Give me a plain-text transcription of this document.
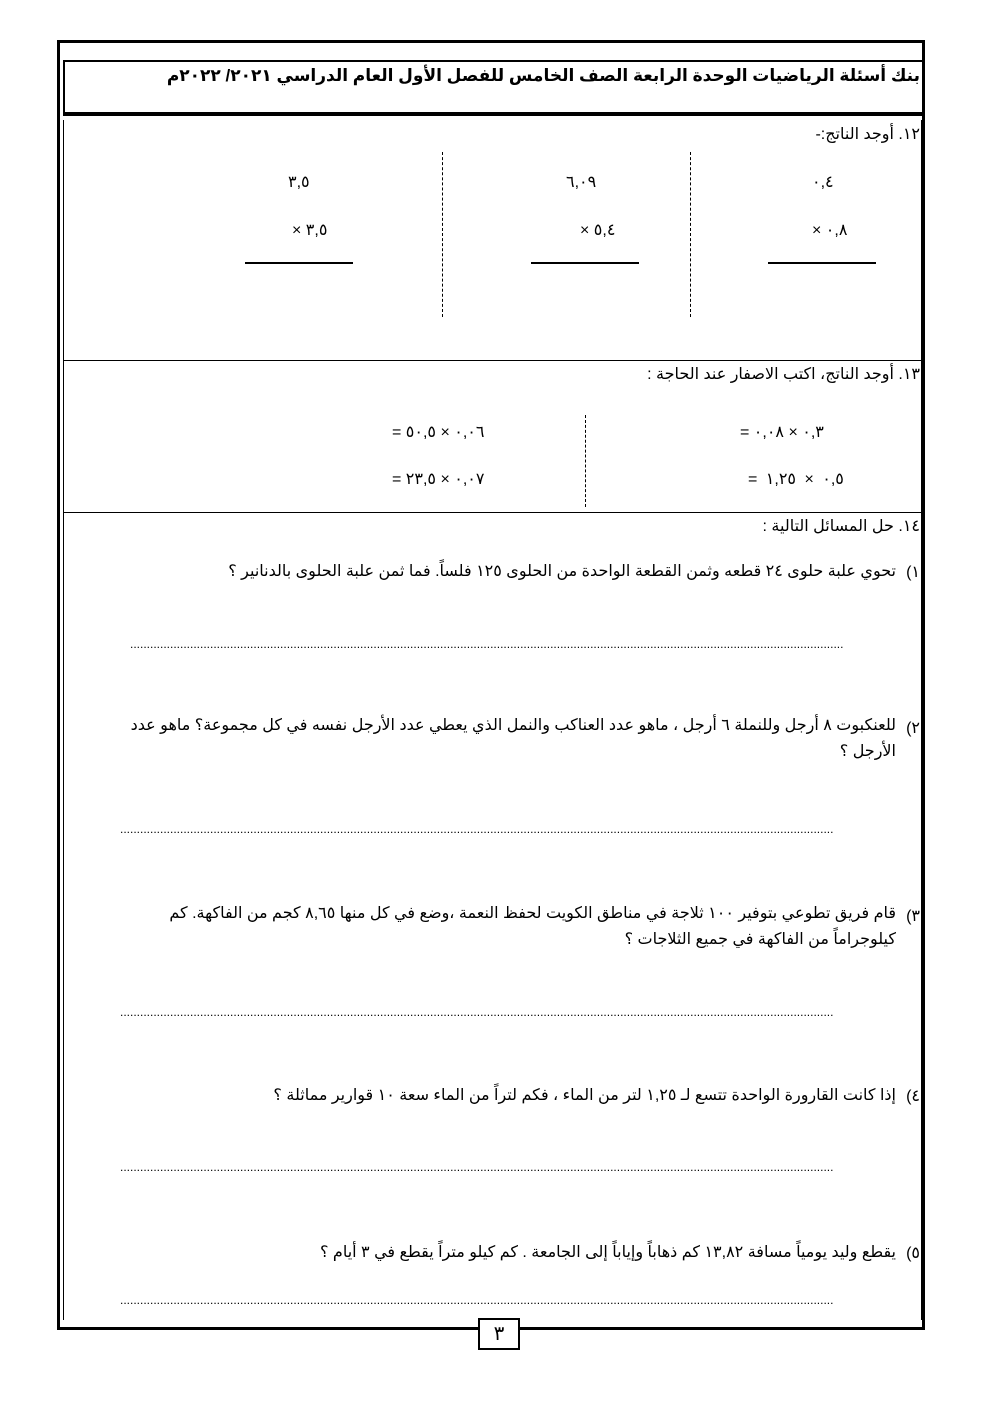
بنك أسئلة الرياضيات الوحدة الرابعة الصف الخامس للفصل الأول العام الدراسي ٢٠٢١/ ٢٠٢٢م
١٢. أوجد الناتج:-
٠,٤
× ٠,٨
٦,٠٩
× ٥,٤
٣,٥
× ٣,٥
١٣. أوجد الناتج، اكتب الاصفار عند الحاجة :
= ٠,٣ × ٠,٠٨
= ٠,٥ × ١,٢٥
= ٠,٠٦ × ٥٠,٥
= ٠,٠٧ × ٢٣,٥
١٤. حل المسائل التالية :
١)
تحوي علبة حلوى ٢٤ قطعه وثمن القطعة الواحدة من الحلوى ١٢٥ فلساً. فما ثمن علبة الحلوى بالدنانير ؟
......................................................................................................................................................................................................................
٢)
للعنكبوت ٨ أرجل وللنملة ٦ أرجل ، ماهو عدد العناكب والنمل الذي يعطي عدد الأرجل نفسه في كل مجموعة؟ ماهو عدد الأرجل ؟
......................................................................................................................................................................................................................
٣)
قام فريق تطوعي بتوفير ١٠٠ ثلاجة في مناطق الكويت لحفظ النعمة ،وضع في كل منها ٨,٦٥ كجم من الفاكهة. كم كيلوجراماً من الفاكهة في جميع الثلاجات ؟
......................................................................................................................................................................................................................
٤)
إذا كانت القارورة الواحدة تتسع لـ ١,٢٥ لتر من الماء ، فكم لتراً من الماء سعة ١٠ قوارير مماثلة ؟
......................................................................................................................................................................................................................
٥)
يقطع وليد يومياً مسافة ١٣,٨٢ كم ذهاباً وإياباً إلى الجامعة . كم كيلو متراً يقطع في ٣ أيام ؟
......................................................................................................................................................................................................................
٣
